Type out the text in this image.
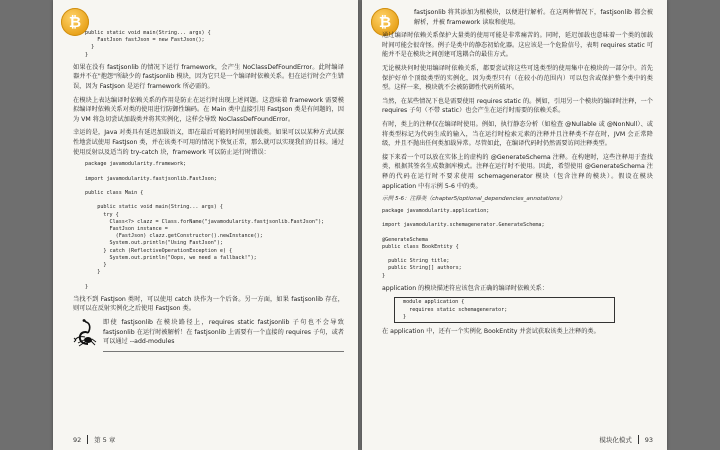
₿
public static void main(String... args) {
FastJson fastJson = new FastJson();
}
}

如果在没有 fastjsonlib 的情况下运行 framework，会产生 NoClassDefFoundError。此时编译器并不在"抱怨"所缺少的 fastjsonlib 模块，因为它只是一个编译时依赖关系。但在运行时会产生错误，因为 FastJson 是运行 framework 所必需的。

在模块上表达编译时依赖关系的作用是防止在运行时出现上述问题。这意味着 framework 需要模拟编译时依赖关系对类的使用进行防御性编码。在 Main 类中直接引用 FastJson 类是有问题的，因为 VM 将急切尝试加载类并将其实例化，这样会导致 NoClassDefFoundError。

幸运的是，Java 对类具有延迟加载语义，即在最后可能的时间里加载类。如果可以以某种方式试探性地尝试使用 FastJson 类，并在该类不可用的情况下恢复正常，那么就可以实现我们的目标。通过使用反射以及适当的 try-catch 块，framework 可以防止运行时错误：

package javamodularity.framework;

import javamodularity.fastjsonlib.FastJson;

public class Main {

public static void main(String... args) {
try {
Class<?> clazz = Class.forName("javamodularity.fastjsonlib.FastJson");
FastJson instance =
(FastJson) clazz.getConstructor().newInstance();
System.out.println("Using FastJson");
} catch (ReflectiveOperationException e) {
System.out.println("Oops, we need a fallback!");
}
}

}

当找不到 FastJson 类时，可以使用 catch 块作为一个后备。另一方面，如果 fastjsonlib 存在，则可以在反射实例化之后使用 FastJson 类。

即使 fastjsonlib 在模块路径上，requires static fastjsonlib 子句也不会导致 fastjsonlib 在运行时被解析！在 fastjsonlib 上需要有一个直接的 requires 子句，或者可以通过 --add-modules

92 第 5 章
₿

fastjsonlib 将其添加为根模块，以便进行解析。在这两种情况下，fastjsonlib 都会被解析，并被 framework 读取和使用。

通过编译时依赖关系保护大量类的使用可能是非常痛苦的。同时，延迟加载也意味着一个类的加载时间可能会很奇怪。例子是类中的静态初始化器。这应该是一个危险信号，表明 requires static 可能并不是在模块之间创建可选耦合的最佳方式。

无论模块何时使用编译时依赖关系，都要尝试将这些可选类型的使用集中在模块的一部分中。首先保护好单个顶级类型的实例化，因为类型只有（在较小的范围内）可以包含或保护整个类中的类型。这样一来，模块就不会被防御性代码所破坏。

当然，在某些情况下也是需要使用 requires static 的。例如，引用另一个模块的编译时注释，一个 requires 子句（不带 static）也会产生在运行时需要的依赖关系。

有时，类上的注释仅在编译时使用。例如，执行静态分析（如检查 @Nullable 或 @NonNull）、或将类型标记为代码生成的输入，当在运行时检索元素的注释并且注释类不存在时，JVM 会正常降级，并且不抛出任何类加载异常。尽管如此，在编译代码时仍然需要访问注释类型。

接下来看一个可以放在实体上的虚构的 @GenerateSchema 注释。在构建时，这些注释用于查找类，根据其签名生成数据库模式。注释在运行时不使用。因此，希望使用 @GenerateSchema 注释的代码在运行时不要求使用 schemagenerator 模块（包含注释的模块）。假设在模块 application 中有示例 5-6 中的类。

示例 5-6：注释类（chapter5/optional_dependencies_annotations）
package javamodularity.application;

import javamodularity.schemagenerator.GenerateSchema;

@GenerateSchema
public class BookEntity {

public String title;
public String[] authors;
}

application 的模块描述符应该包含正确的编译时依赖关系：

module application {
requires static schemagenerator;
}

在 application 中，还有一个实例化 BookEntity 并尝试获取该类上注释的类。

模块化模式 93
